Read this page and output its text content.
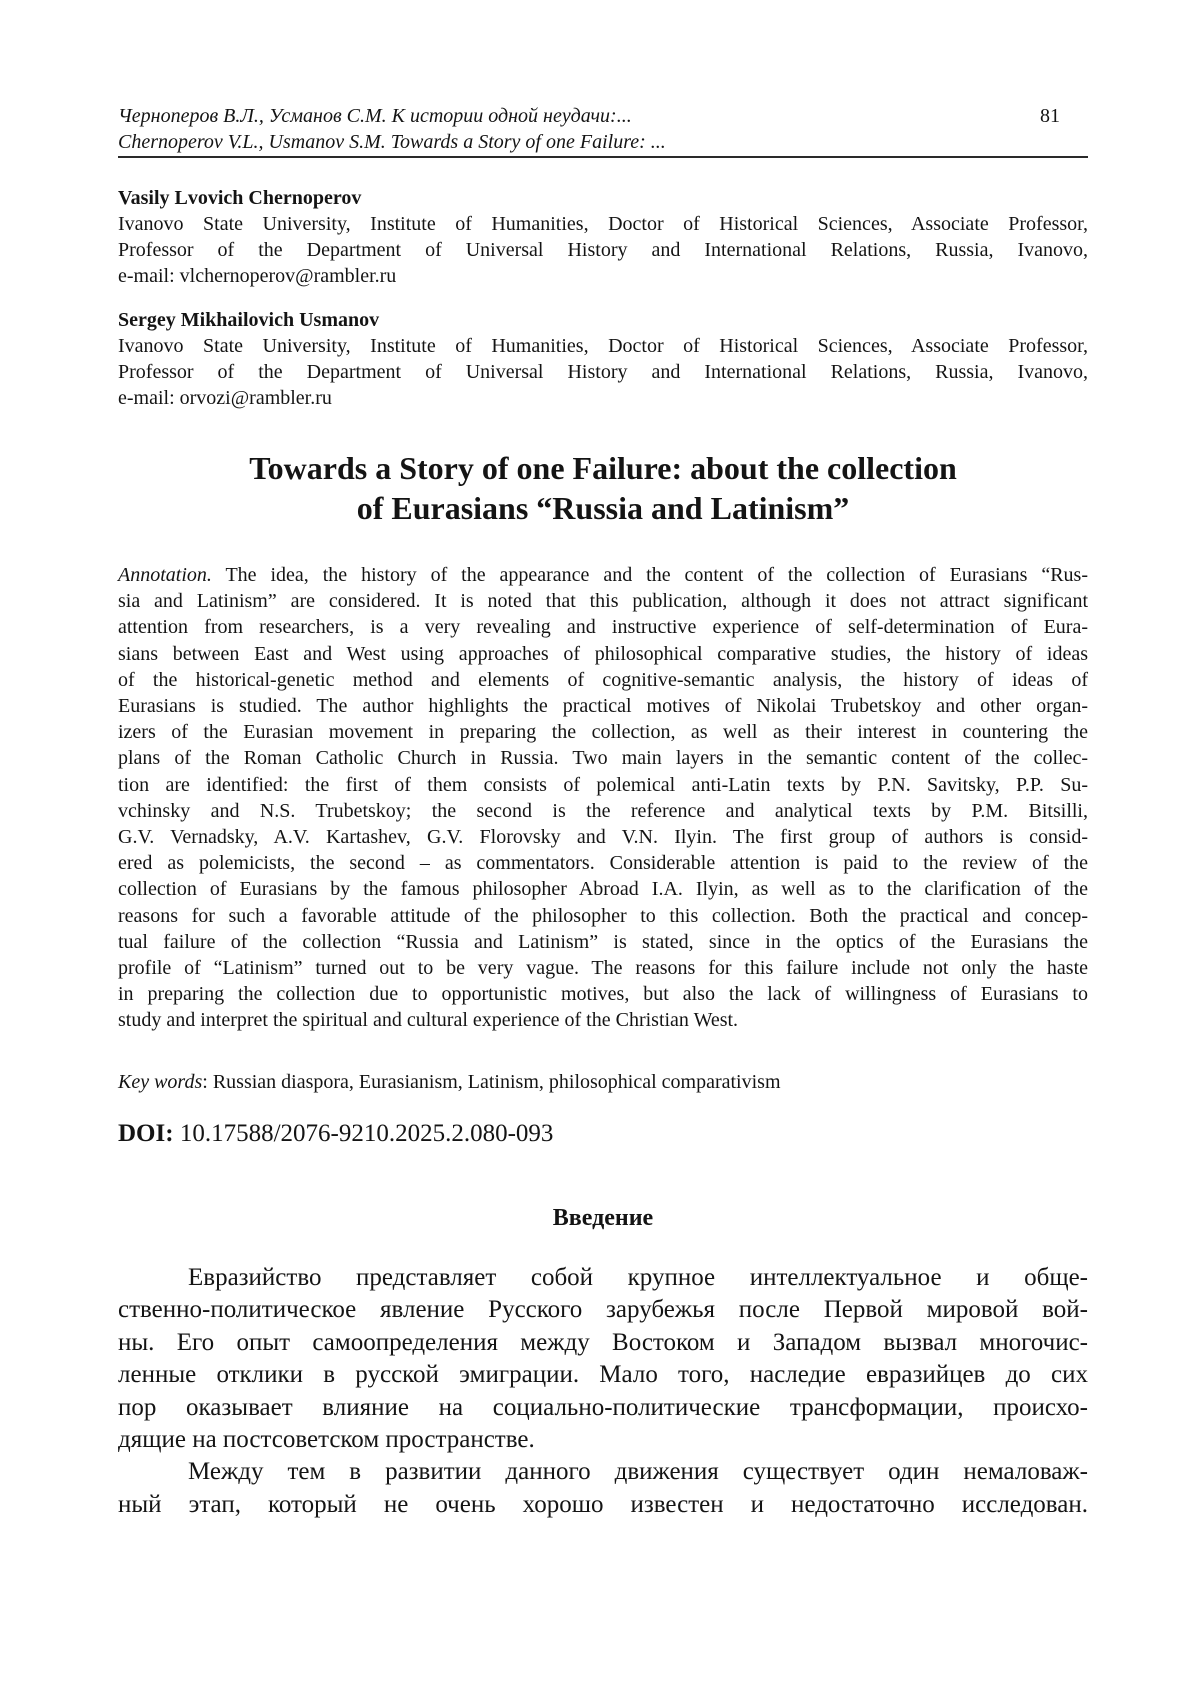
Черноперов В.Л., Усманов С.М. К истории одной неудачи:...
Chernoperov V.L., Usmanov S.M. Towards a Story of one Failure: ...
81
Vasily Lvovich Chernoperov
Ivanovo State University, Institute of Humanities, Doctor of Historical Sciences, Associate Professor,
Professor of the Department of Universal History and International Relations, Russia, Ivanovo,
e-mail: vlchernoperov@rambler.ru
Sergey Mikhailovich Usmanov
Ivanovo State University, Institute of Humanities, Doctor of Historical Sciences, Associate Professor,
Professor of the Department of Universal History and International Relations, Russia, Ivanovo,
e-mail: orvozi@rambler.ru
Towards a Story of one Failure: about the collection
of Eurasians “Russia and Latinism”
Annotation. The idea, the history of the appearance and the content of the collection of Eurasians “Rus-
sia and Latinism” are considered. It is noted that this publication, although it does not attract significant
attention from researchers, is a very revealing and instructive experience of self-determination of Eura-
sians between East and West using approaches of philosophical comparative studies, the history of ideas
of the historical-genetic method and elements of cognitive-semantic analysis, the history of ideas of
Eurasians is studied. The author highlights the practical motives of Nikolai Trubetskoy and other organ-
izers of the Eurasian movement in preparing the collection, as well as their interest in countering the
plans of the Roman Catholic Church in Russia. Two main layers in the semantic content of the collec-
tion are identified: the first of them consists of polemical anti-Latin texts by P.N. Savitsky, P.P. Su-
vchinsky and N.S. Trubetskoy; the second is the reference and analytical texts by P.M. Bitsilli,
G.V. Vernadsky, A.V. Kartashev, G.V. Florovsky and V.N. Ilyin. The first group of authors is consid-
ered as polemicists, the second – as commentators. Considerable attention is paid to the review of the
collection of Eurasians by the famous philosopher Abroad I.A. Ilyin, as well as to the clarification of the
reasons for such a favorable attitude of the philosopher to this collection. Both the practical and concep-
tual failure of the collection “Russia and Latinism” is stated, since in the optics of the Eurasians the
profile of “Latinism” turned out to be very vague. The reasons for this failure include not only the haste
in preparing the collection due to opportunistic motives, but also the lack of willingness of Eurasians to
study and interpret the spiritual and cultural experience of the Christian West.
Key words: Russian diaspora, Eurasianism, Latinism, philosophical comparativism
DOI: 10.17588/2076-9210.2025.2.080-093
Введение
Евразийство представляет собой крупное интеллектуальное и обще-
ственно-политическое явление Русского зарубежья после Первой мировой вой-
ны. Его опыт самоопределения между Востоком и Западом вызвал многочис-
ленные отклики в русской эмиграции. Мало того, наследие евразийцев до сих
пор оказывает влияние на социально-политические трансформации, происхо-
дящие на постсоветском пространстве.
Между тем в развитии данного движения существует один немаловаж-
ный этап, который не очень хорошо известен и недостаточно исследован.
